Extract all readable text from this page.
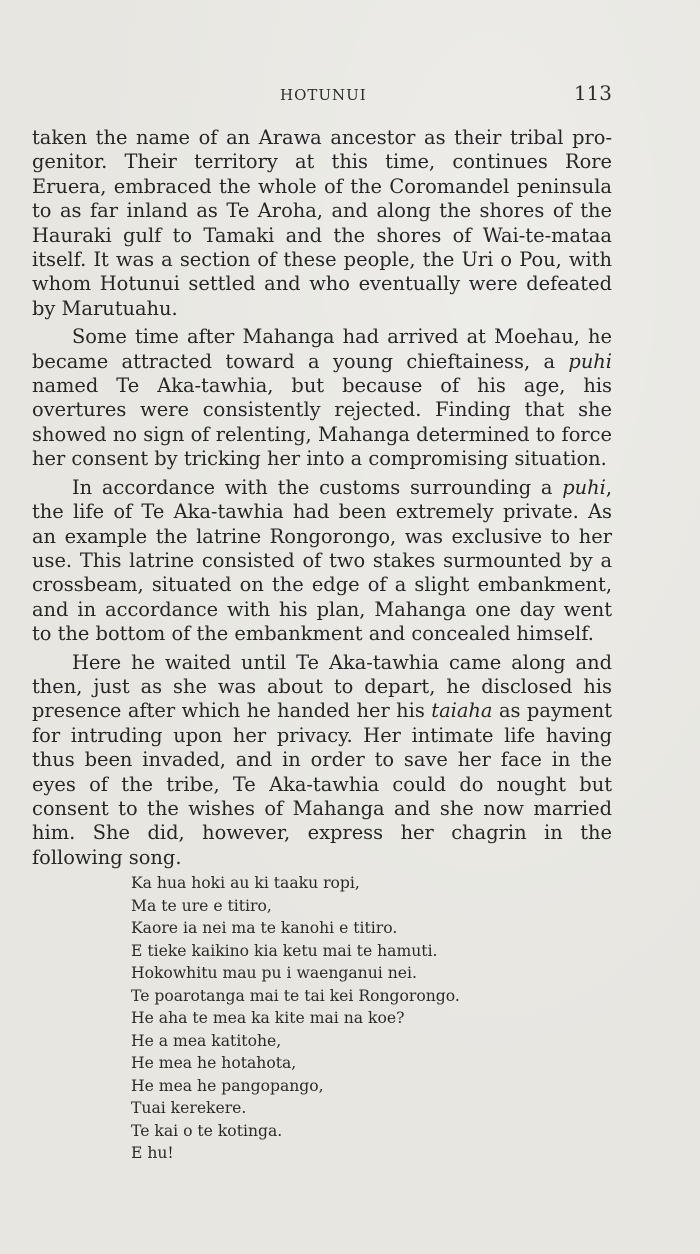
HOTUNUI	113

taken the name of an Arawa ancestor as their tribal progenitor. Their territory at this time, continues Rore Eruera, embraced the whole of the Coromandel peninsula to as far inland as Te Aroha, and along the shores of the Hauraki gulf to Tamaki and the shores of Wai-te-mataa itself. It was a section of these people, the Uri o Pou, with whom Hotunui settled and who eventually were defeated by Marutuahu.

Some time after Mahanga had arrived at Moehau, he became attracted toward a young chieftainess, a puhi named Te Aka-tawhia, but because of his age, his overtures were consistently rejected. Finding that she showed no sign of relenting, Mahanga determined to force her consent by tricking her into a compromising situation.

In accordance with the customs surrounding a puhi, the life of Te Aka-tawhia had been extremely private. As an example the latrine Rongorongo, was exclusive to her use. This latrine consisted of two stakes surmounted by a crossbeam, situated on the edge of a slight embankment, and in accordance with his plan, Mahanga one day went to the bottom of the embankment and concealed himself.

Here he waited until Te Aka-tawhia came along and then, just as she was about to depart, he disclosed his presence after which he handed her his taiaha as payment for intruding upon her privacy. Her intimate life having thus been invaded, and in order to save her face in the eyes of the tribe, Te Aka-tawhia could do nought but consent to the wishes of Mahanga and she now married him. She did, however, express her chagrin in the following song.

Ka hua hoki au ki taaku ropi,
Ma te ure e titiro,
Kaore ia nei ma te kanohi e titiro.
E tieke kaikino kia ketu mai te hamuti.
Hokowhitu mau pu i waenganui nei.
Te poarotanga mai te tai kei Rongorongo.
He aha te mea ka kite mai na koe?
He a mea katitohe,
He mea he hotahota,
He mea he pangopango,
Tuai kerekere.
Te kai o te kotinga.
E hu!
